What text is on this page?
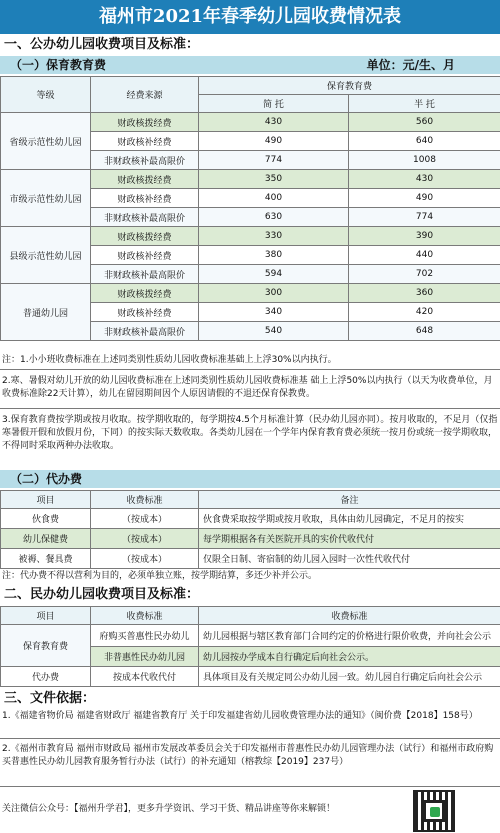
福州市2021年春季幼儿园收费情况表
一、公办幼儿园收费项目及标准：
（一）保育教育费	单位：元/生、月
等级	经费来源	保育教育费	
		简 托	半 托
省级示范性幼儿园	财政核拨经费	430	560
	财政核补经费	490	640
	非财政核补最高限价	774	1008
市级示范性幼儿园	财政核拨经费	350	430
	财政核补经费	400	490
	非财政核补最高限价	630	774
县级示范性幼儿园	财政核拨经费	330	390
	财政核补经费	380	440
	非财政核补最高限价	594	702
普通幼儿园	财政核拨经费	300	360
	财政核补经费	340	420
	非财政核补最高限价	540	648
注：1.小小班收费标准在上述同类别性质幼儿园收费标准基础上上浮30%以内执行。
2.寒、暑假对幼儿开放的幼儿园收费标准在上述同类别性质幼儿园收费标准基 础上上浮50%以内执行（以天为收费单位，月收费标准除22天计算），幼儿在留园期间因个人原因请假的不退还保育保教费。
3.保育教育费按学期或按月收取。按学期收取的，每学期按4.5个月标准计算（民办幼儿园亦同）。按月收取的，不足月（仅指寒暑假开假和放假月份，下同）的按实际天数收取。各类幼儿园在一个学年内保育教育费必须统一按月份或统一按学期收取，不得同时采取两种办法收取。
（二）代办费
项目	收费标准	备注
伙食费	（按成本）	伙食费采取按学期或按月收取，具体由幼儿园确定，不足月的按实
幼儿保健费	（按成本）	每学期根据各有关医院开具的实价代收代付
被褥、餐具费	（按成本）	仅限全日制、寄宿制的幼儿园入园时一次性代收代付
注：代办费不得以营利为目的，必须单独立账，按学期结算，多还少补并公示。
二、民办幼儿园收费项目及标准：
项目	收费标准	收费标准
保育教育费	府购买普惠性民办幼儿	幼儿园根据与辖区教育部门合同约定的价格进行限价收费，并向社会公示
	非普惠性民办幼儿园	幼儿园按办学成本自行确定后向社会公示。
代办费	按成本代收代付	具体项目及有关规定同公办幼儿园一致。幼儿园自行确定后向社会公示
三、文件依据：
1.《福建省物价局 福建省财政厅 福建省教育厅 关于印发福建省幼儿园收费管理办法的通知》（闽价费【2018】158号）
2.《福州市教育局 福州市财政局 福州市发展改革委员会关于印发福州市普惠性民办幼儿园管理办法（试行）和福州市政府购买普惠性民办幼儿园教育服务暂行办法（试行）的补充通知（榕教综【2019】237号）
关注微信公众号：【福州升学君】，更多升学资讯、学习干货、精品讲座等你来解锁！
